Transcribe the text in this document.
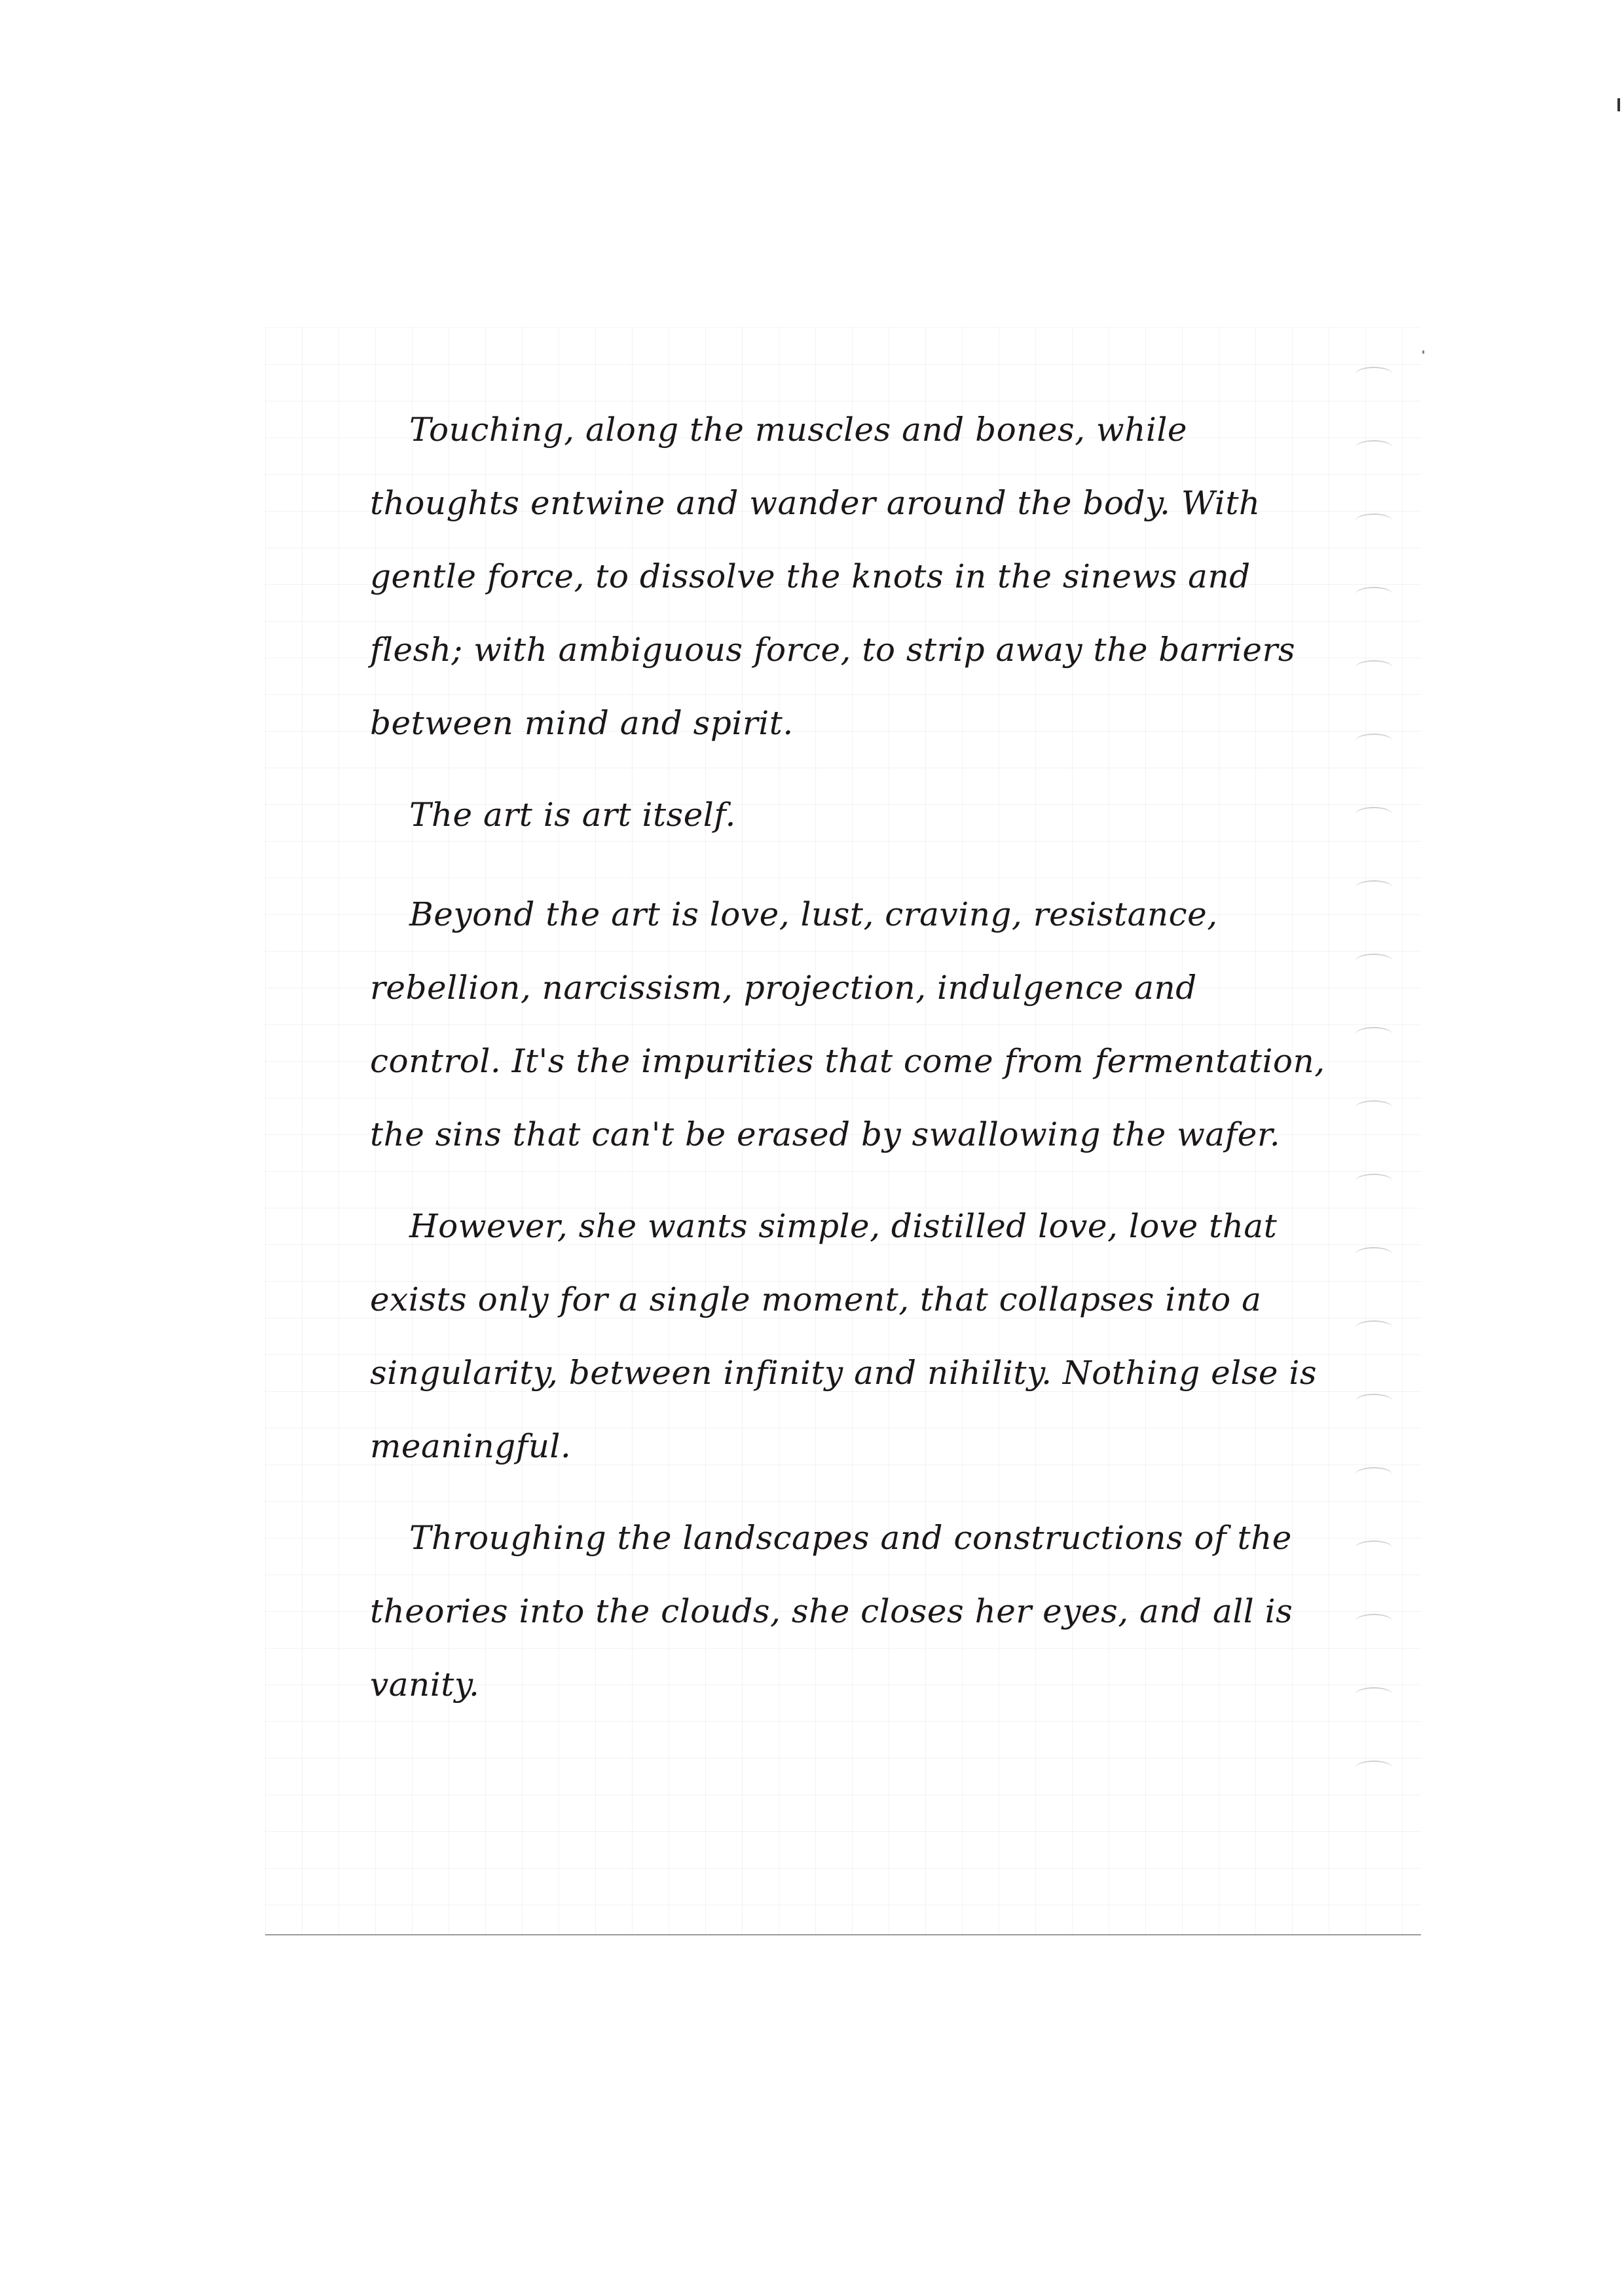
Touching, along the muscles and bones, while thoughts entwine and wander around the body. With gentle force, to dissolve the knots in the sinews and flesh; with ambiguous force, to strip away the barriers between mind and spirit.

The art is art itself.

Beyond the art is love, lust, craving, resistance, rebellion, narcissism, projection, indulgence and control. It's the impurities that come from fermentation, the sins that can't be erased by swallowing the wafer.

However, she wants simple, distilled love, love that exists only for a single moment, that collapses into a singularity, between infinity and nihility. Nothing else is meaningful.

Throughing the landscapes and constructions of the theories into the clouds, she closes her eyes, and all is vanity.
